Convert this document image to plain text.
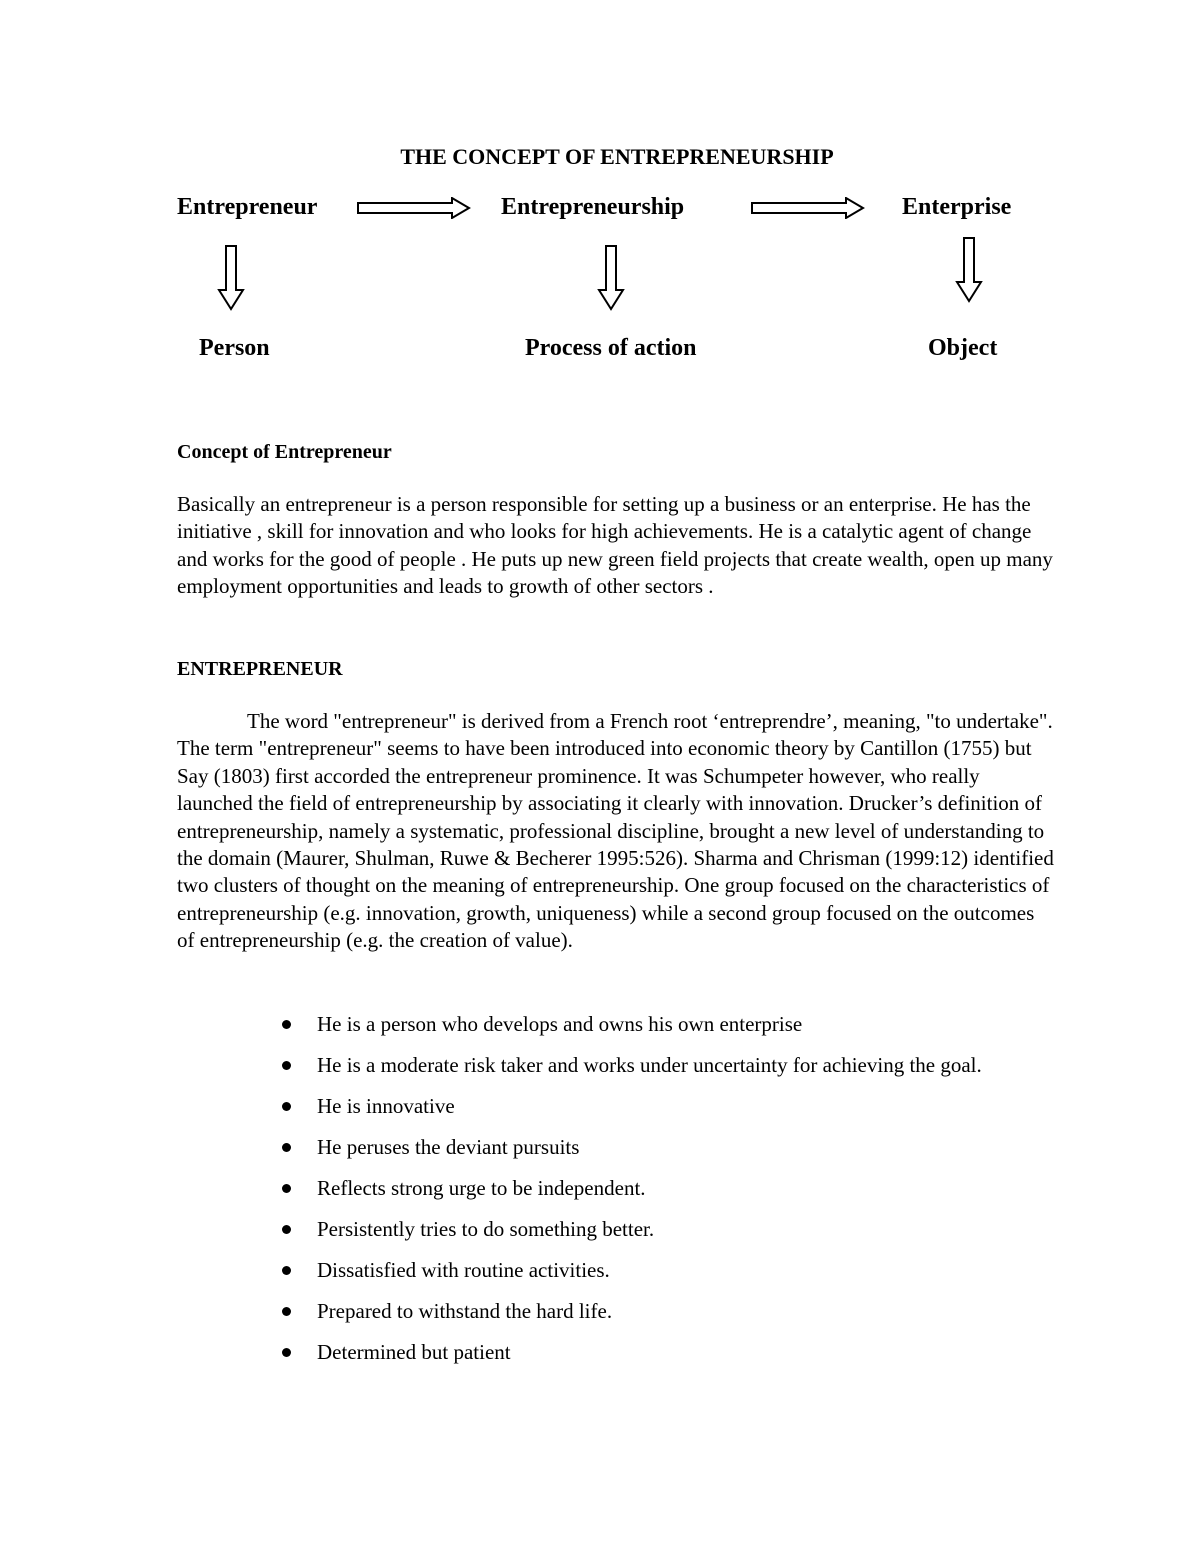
THE CONCEPT OF ENTREPRENEURSHIP
Entrepreneur	Entrepreneurship	Enterprise
Person	Process of action	Object
Concept of Entrepreneur
Basically an entrepreneur is a person responsible for setting up a business or an enterprise. He has the initiative , skill for innovation and who looks for high achievements. He is a catalytic agent of change and works for the good of people . He puts up new green field projects that create wealth, open up many employment opportunities and leads to growth of other sectors .
ENTREPRENEUR
The word "entrepreneur" is derived from a French root ‘entreprendre’, meaning, "to undertake". The term "entrepreneur" seems to have been introduced into economic theory by Cantillon (1755) but Say (1803) first accorded the entrepreneur prominence. It was Schumpeter however, who really launched the field of entrepreneurship by associating it clearly with innovation. Drucker’s definition of entrepreneurship, namely a systematic, professional discipline, brought a new level of understanding to the domain (Maurer, Shulman, Ruwe & Becherer 1995:526). Sharma and Chrisman (1999:12) identified two clusters of thought on the meaning of entrepreneurship. One group focused on the characteristics of entrepreneurship (e.g. innovation, growth, uniqueness) while a second group focused on the outcomes of entrepreneurship (e.g. the creation of value).
He is a person who develops and owns his own enterprise
He is a moderate risk taker and works under uncertainty for achieving the goal.
He is innovative
He peruses the deviant pursuits
Reflects strong urge to be independent.
Persistently tries to do something better.
Dissatisfied with routine activities.
Prepared to withstand the hard life.
Determined but patient
